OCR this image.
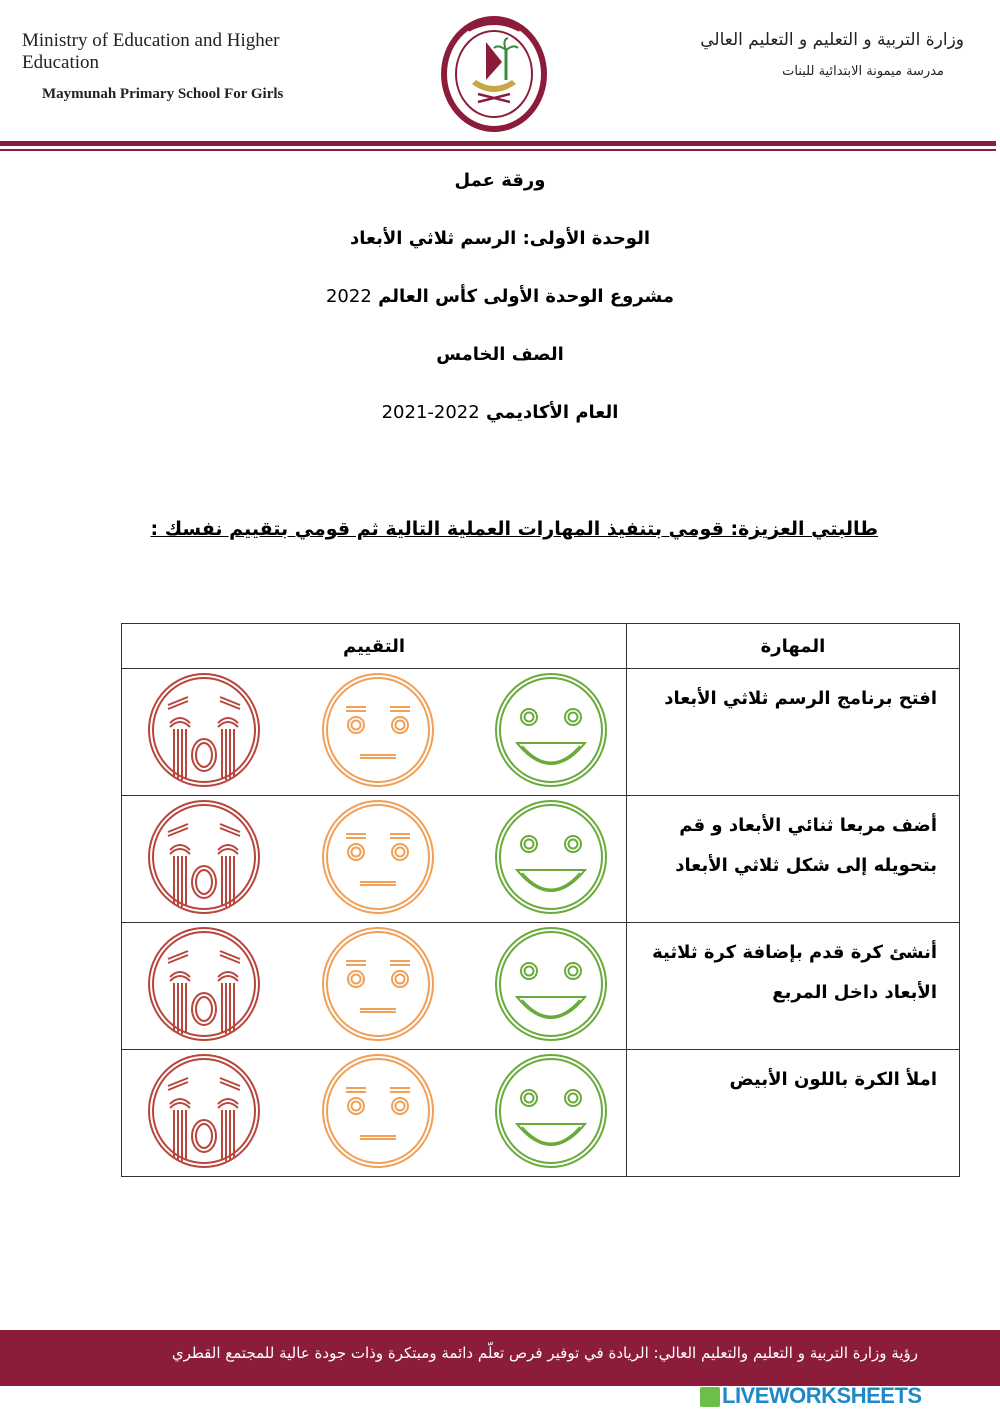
Ministry of Education and Higher Education
Maymunah Primary School For Girls
وزارة التربية و التعليم و التعليم العالي
مدرسة ميمونة الابتدائية للبنات
ورقة عمل
الوحدة الأولى: الرسم ثلاثي الأبعاد
مشروع الوحدة الأولى كأس العالم 2022
الصف الخامس
العام الأكاديمي 2022-2021
طالبتي العزيزة: قومي بتنفيذ المهارات العملية التالية ثم قومي بتقييم نفسك :
المهارة	التقييم

افتح برنامج الرسم ثلاثي الأبعاد

أضف مربعا ثنائي الأبعاد و قم
بتحويله إلى شكل ثلاثي الأبعاد

أنشئ كرة قدم بإضافة كرة ثلاثية
الأبعاد داخل المربع

املأ الكرة باللون الأبيض

رؤية وزارة التربية و التعليم والتعليم العالي: الريادة في توفير فرص تعلّم دائمة ومبتكرة وذات جودة عالية للمجتمع القطري
LIVEWORKSHEETS
